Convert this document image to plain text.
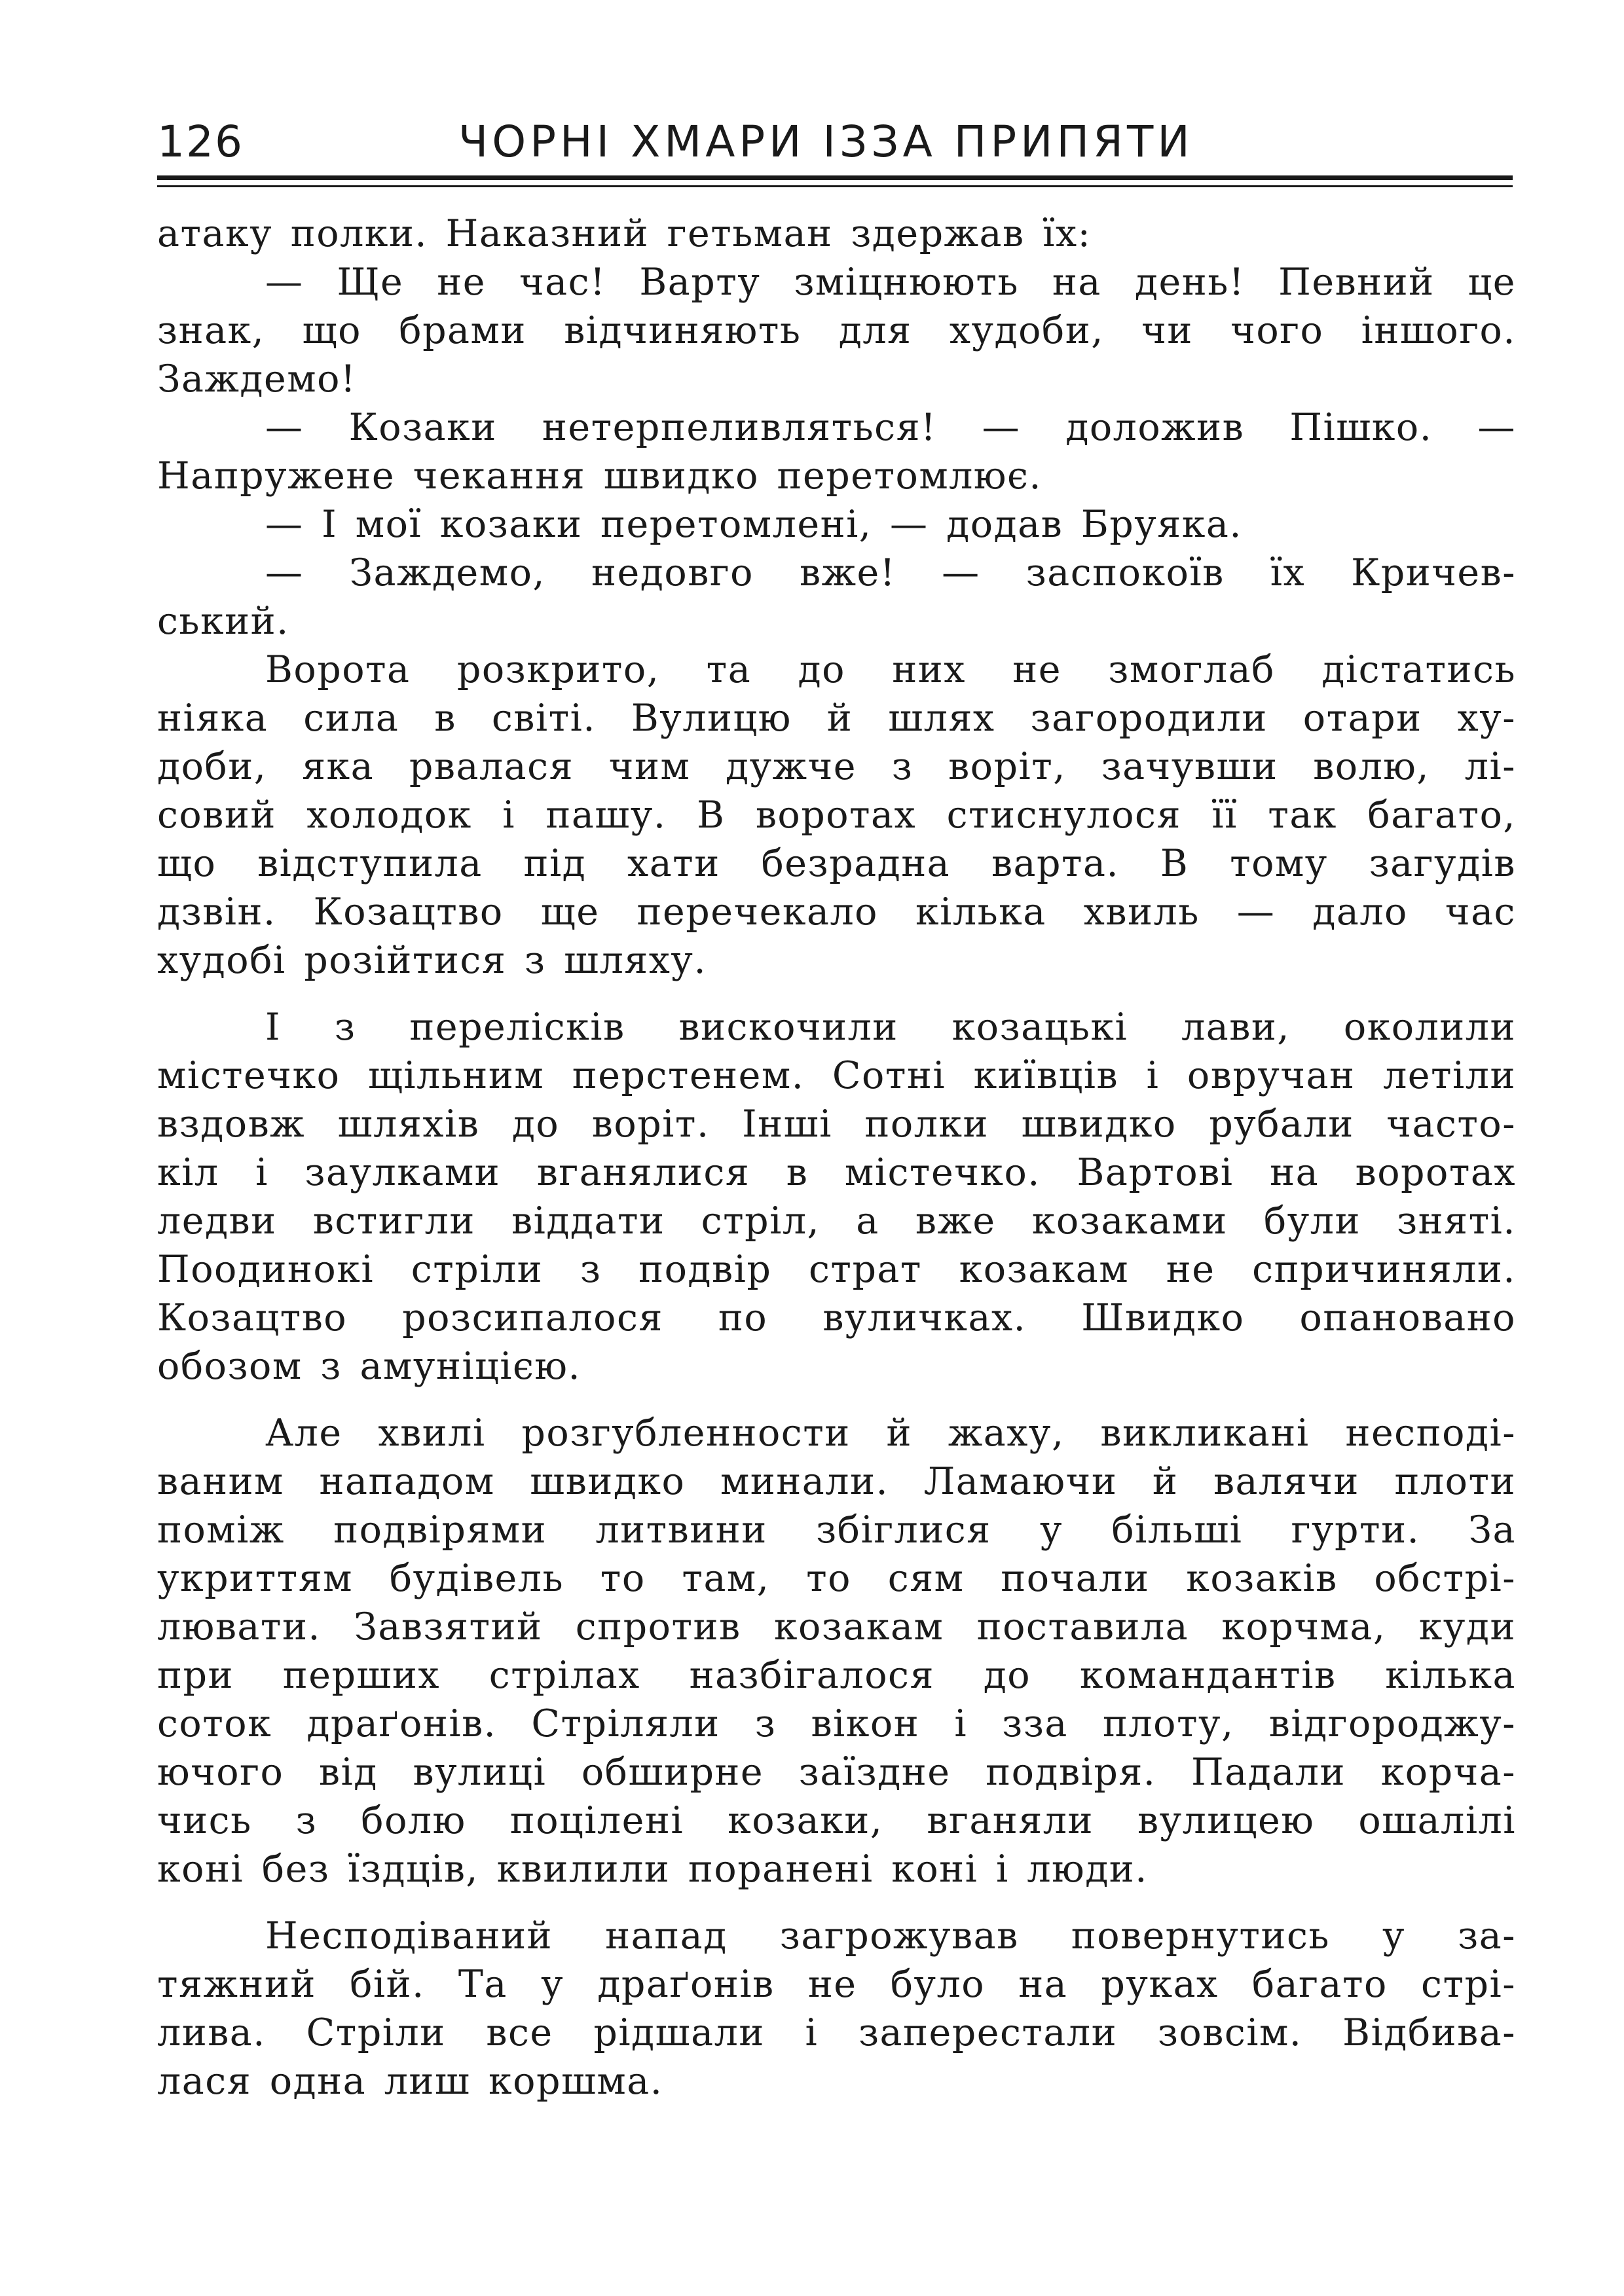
126	ЧОРНІ ХМАРИ ІЗЗА ПРИПЯТИ
атаку полки. Наказний гетьман здержав їх:
— Ще не час! Варту зміцнюють на день! Певний це
знак, що брами відчиняють для худоби, чи чого іншого.
Заждемо!
— Козаки нетерпеливляться! — доложив Пішко. —
Напружене чекання швидко перетомлює.
— І мої козаки перетомлені, — додав Бруяка.
— Заждемо, недовго вже! — заспокоїв їх Кричев-
ський.
Ворота розкрито, та до них не змоглаб дістатись
ніяка сила в світі. Вулицю й шлях загородили отари ху-
доби, яка рвалася чим дужче з воріт, зачувши волю, лі-
совий холодок і пашу. В воротах стиснулося її так багато,
що відступила під хати безрадна варта. В тому загудів
дзвін. Козацтво ще перечекало кілька хвиль — дало час
худобі розійтися з шляху.
І з перелісків вискочили козацькі лави, околили
містечко щільним перстенем. Сотні київців і овручан летіли
вздовж шляхів до воріт. Інші полки швидко рубали часто-
кіл і заулками вганялися в містечко. Вартові на воротах
ледви встигли віддати стріл, а вже козаками були зняті.
Поодинокі стріли з подвір страт козакам не спричиняли.
Козацтво розсипалося по вуличках. Швидко опановано
обозом з амуніцією.
Але хвилі розгубленности й жаху, викликані несподі-
ваним нападом швидко минали. Ламаючи й валячи плоти
поміж подвірями литвини збіглися у більші гурти. За
укриттям будівель то там, то сям почали козаків обстрі-
лювати. Завзятий спротив козакам поставила корчма, куди
при перших стрілах назбігалося до командантів кілька
соток драґонів. Стріляли з вікон і зза плоту, відгороджу-
ючого від вулиці обширне заїздне подвіря. Падали корча-
чись з болю поцілені козаки, вганяли вулицею ошалілі
коні без їздців, квилили поранені коні і люди.
Несподіваний напад загрожував повернутись у за-
тяжний бій. Та у драґонів не було на руках багато стрі-
лива. Стріли все рідшали і заперестали зовсім. Відбива-
лася одна лиш коршма.
